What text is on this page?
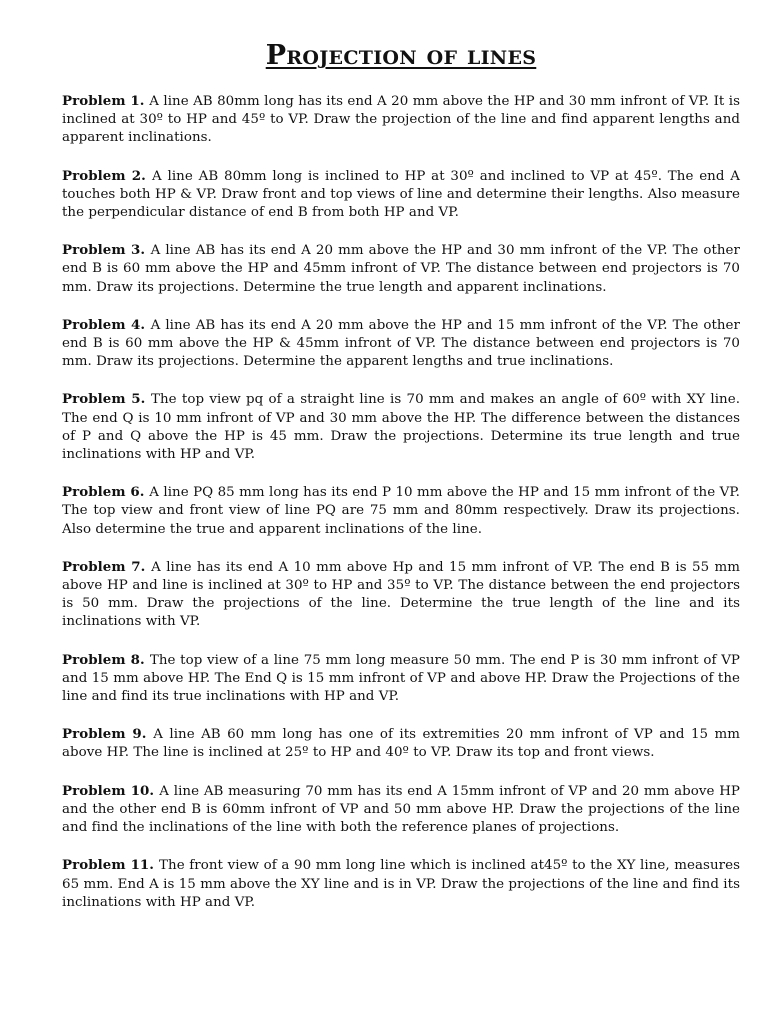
Projection of lines

Problem 1. A line AB 80mm long has its end A 20 mm above the HP and 30 mm infront of VP. It is inclined at 30º to HP and 45º to VP. Draw the projection of the line and find apparent lengths and apparent inclinations.

Problem 2. A line AB 80mm long is inclined to HP at 30º and inclined to VP at 45º. The end A touches both HP & VP. Draw front and top views of line and determine their lengths. Also measure the perpendicular distance of end B from both HP and VP.

Problem 3. A line AB has its end A 20 mm above the HP and 30 mm infront of the VP. The other end B is 60 mm above the HP and 45mm infront of VP. The distance between end projectors is 70 mm. Draw its projections. Determine the true length and apparent inclinations.

Problem 4. A line AB has its end A 20 mm above the HP and 15 mm infront of the VP. The other end B is 60 mm above the HP & 45mm infront of VP. The distance between end projectors is 70 mm. Draw its projections. Determine the apparent lengths and true inclinations.

Problem 5. The top view pq of a straight line is 70 mm and makes an angle of 60º with XY line. The end Q is 10 mm infront of VP and 30 mm above the HP. The difference between the distances of P and Q above the HP is 45 mm. Draw the projections. Determine its true length and true inclinations with HP and VP.

Problem 6. A line PQ 85 mm long has its end P 10 mm above the HP and 15 mm infront of the VP. The top view and front view of line PQ are 75 mm and 80mm respectively. Draw its projections. Also determine the true and apparent inclinations of the line.

Problem 7. A line has its end A 10 mm above Hp and 15 mm infront of VP. The end B is 55 mm above HP and line is inclined at 30º to HP and 35º to VP. The distance between the end projectors is 50 mm. Draw the projections of the line. Determine the true length of the line and its inclinations with VP.

Problem 8. The top view of a line 75 mm long measure 50 mm. The end P is 30 mm infront of VP and 15 mm above HP. The End Q is 15 mm infront of VP and above HP. Draw the Projections of the line and find its true inclinations with HP and VP.

Problem 9. A line AB 60 mm long has one of its extremities 20 mm infront of VP and 15 mm above HP. The line is inclined at 25º to HP and 40º to VP. Draw its top and front views.

Problem 10. A line AB measuring 70 mm has its end A 15mm infront of VP and 20 mm above HP and the other end B is 60mm infront of VP and 50 mm above HP. Draw the projections of the line and find the inclinations of the line with both the reference planes of projections.

Problem 11. The front view of a 90 mm long line which is inclined at45º to the XY line, measures 65 mm. End A is 15 mm above the XY line and is in VP. Draw the projections of the line and find its inclinations with HP and VP.
